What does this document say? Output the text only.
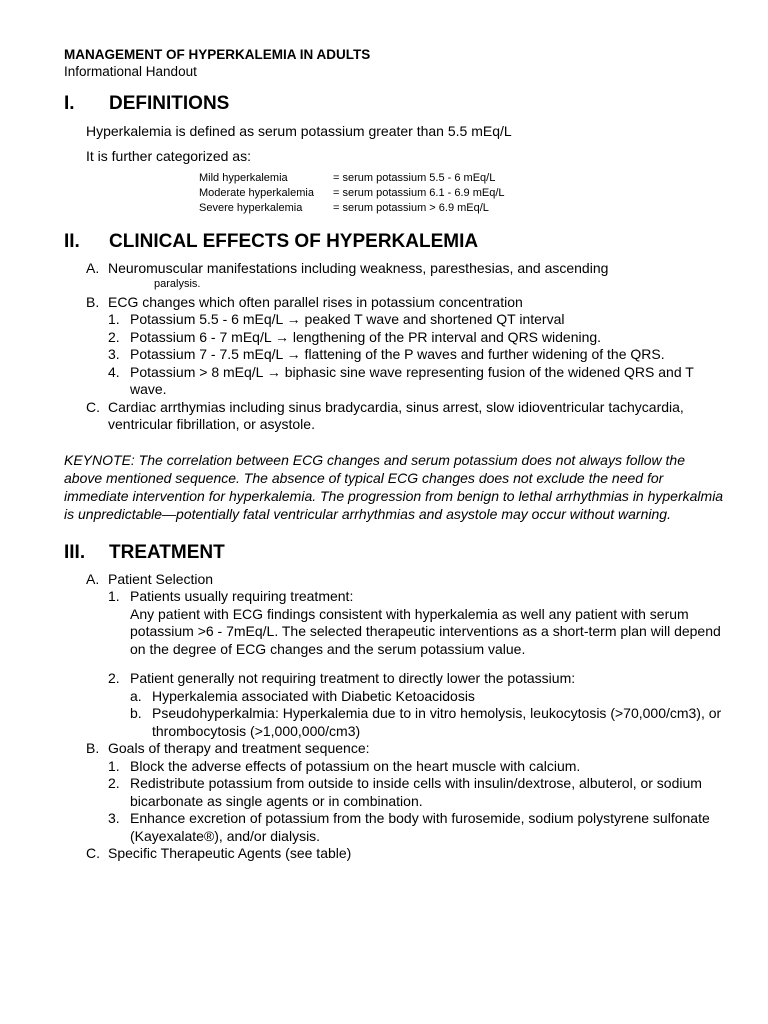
MANAGEMENT OF HYPERKALEMIA IN ADULTS
Informational Handout
I.	DEFINITIONS

Hyperkalemia is defined as serum potassium greater than 5.5 mEq/L

It is further categorized as:

Mild hyperkalemia	= serum potassium 5.5 - 6 mEq/L
Moderate hyperkalemia	= serum potassium 6.1 - 6.9 mEq/L
Severe hyperkalemia	= serum potassium > 6.9 mEq/L
II.	CLINICAL EFFECTS OF HYPERKALEMIA
A. Neuromuscular manifestations including weakness, paresthesias, and ascending
paralysis.
B. ECG changes which often parallel rises in potassium concentration
1. Potassium 5.5 - 6 mEq/L → peaked T wave and shortened QT interval
2. Potassium 6 - 7 mEq/L → lengthening of the PR interval and QRS widening.
3. Potassium 7 - 7.5 mEq/L → flattening of the P waves and further widening of the QRS.
4. Potassium > 8 mEq/L → biphasic sine wave representing fusion of the widened QRS and T wave.
C. Cardiac arrthymias including sinus bradycardia, sinus arrest, slow idioventricular tachycardia, ventricular fibrillation, or asystole.

KEYNOTE: The correlation between ECG changes and serum potassium does not always follow the above mentioned sequence. The absence of typical ECG changes does not exclude the need for immediate intervention for hyperkalemia. The progression from benign to lethal arrhythmias in hyperkalmia is unpredictable—potentially fatal ventricular arrhythmias and asystole may occur without warning.

III.	TREATMENT
A. Patient Selection
1. Patients usually requiring treatment:
Any patient with ECG findings consistent with hyperkalemia as well any patient with serum potassium >6 - 7mEq/L. The selected therapeutic interventions as a short-term plan will depend on the degree of ECG changes and the serum potassium value.
2. Patient generally not requiring treatment to directly lower the potassium:
a. Hyperkalemia associated with Diabetic Ketoacidosis
b. Pseudohyperkalmia: Hyperkalemia due to in vitro hemolysis, leukocytosis (>70,000/cm3), or thrombocytosis (>1,000,000/cm3)
B. Goals of therapy and treatment sequence:
1. Block the adverse effects of potassium on the heart muscle with calcium.
2. Redistribute potassium from outside to inside cells with insulin/dextrose, albuterol, or sodium bicarbonate as single agents or in combination.
3. Enhance excretion of potassium from the body with furosemide, sodium polystyrene sulfonate (Kayexalate®), and/or dialysis.
C. Specific Therapeutic Agents (see table)
